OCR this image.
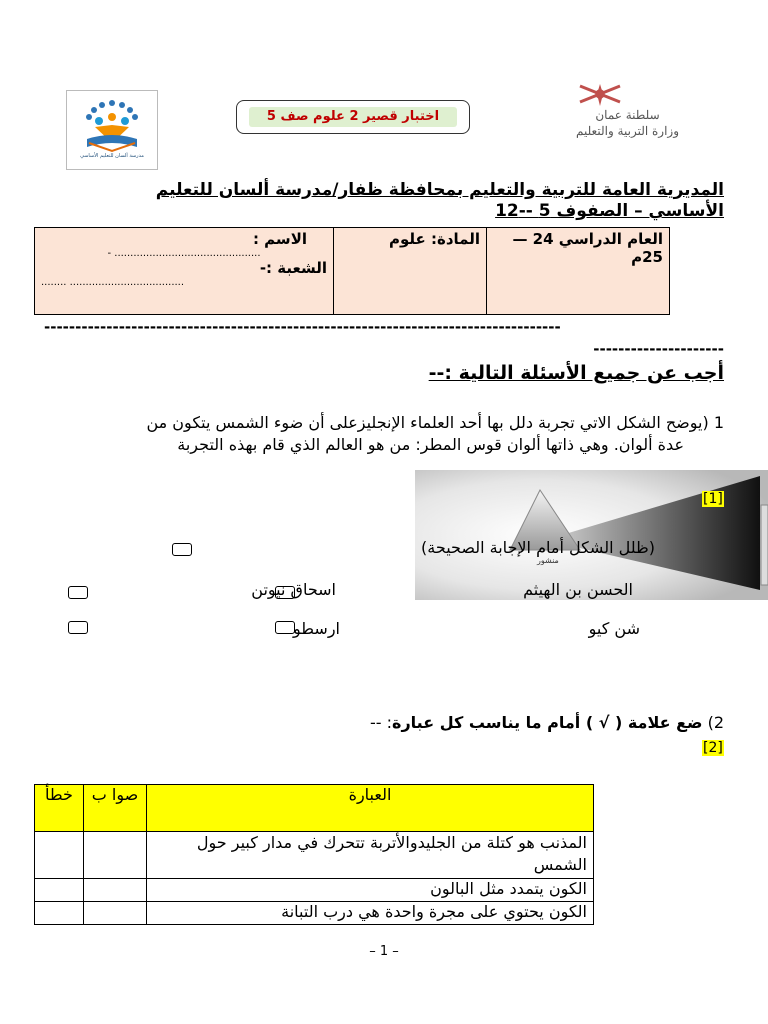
مدرسة ألسان للتعليم الأساسي
اختبار قصير 2 علوم صف 5	سلطنة عمان
وزارة التربية والتعليم
المديرية العامة للتربية والتعليم بمحافظة ظفار/مدرسة ألسان للتعليم
الأساسي – الصفوف 5 --12
العام الدراسي 24 —25م	المادة: علوم	
الاسم :
.............................................. -
الشعبة :-
.................................... ........
-----------------------------------------------------------------------------------
---------------------
أجب عن جميع الأسئلة التالية :--
1 (يوضح الشكل الاتي تجربة دلل بها أحد العلماء الإنجليزعلى أن ضوء الشمس يتكون من
عدة ألوان. وهي ذاتها ألوان قوس المطر: من هو العالم الذي قام بهذه التجربة
منشور
[1]
(ظلل الشكل أمام الإجابة الصحيحة)
الحسن بن الهيثم
اسحاق نيوتن
شن كيو
ارسطو
2) ضع علامة ( √ ) أمام ما يناسب كل عبارة: --
[2]
العبارة	صوا ب	خطأ
المذنب هو كتلة من الجليدوالأتربة تتحرك في مدار كبير حول الشمس		
الكون يتمدد مثل البالون		
الكون يحتوي على مجرة واحدة هي درب التبانة		
– 1 –
